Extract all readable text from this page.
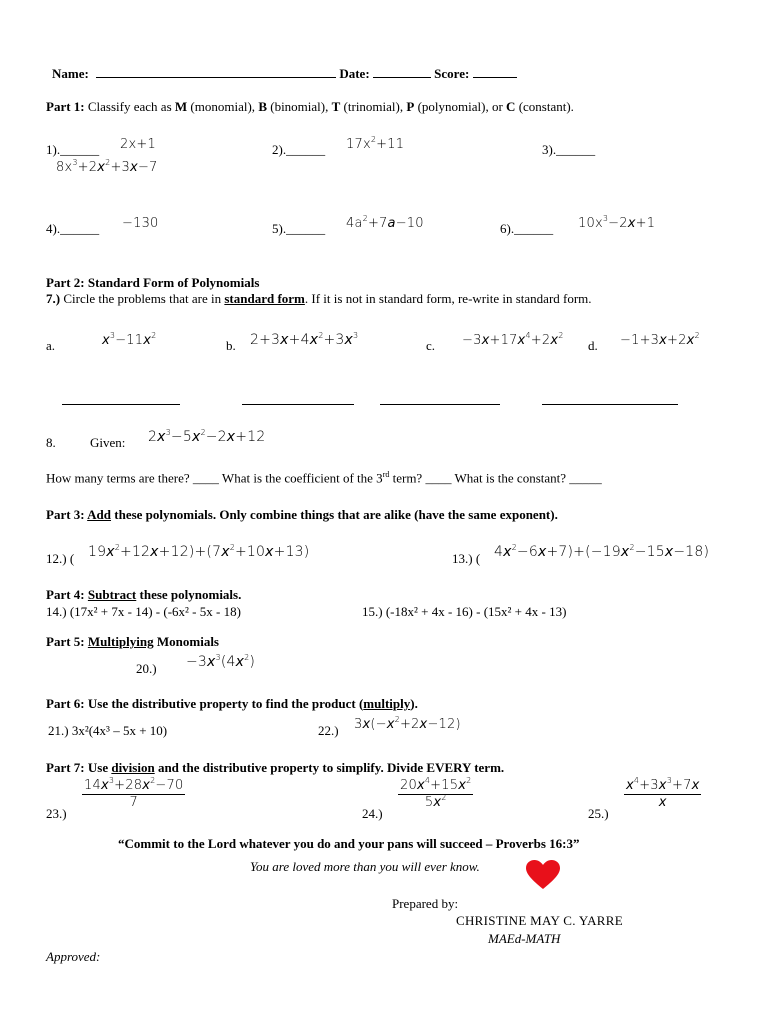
Name:	Date:	Score:
Part 1: Classify each as M (monomial), B (binomial), T (trinomial), P (polynomial), or C (constant).
1).______ 2x+1
$8x^3+2x^2+3x-7$
2).______ $17x^2+11$	3).______
4).______ −130	5).______ $4a^2+7a-10$	6).______ $10x^3-2x+1$
Part 2: Standard Form of Polynomials
7.) Circle the problems that are in standard form. If it is not in standard form, re-write in standard form.
a.	$x^3-11x^2$
b. $2+3x+4x^2+3x^3$
c. $-3x+17x^4+2x^2$
d. $-1+3x+2x^2$
8.	Given: $2x^3-5x^2-2x+12$
How many terms are there? ____ What is the coefficient of the 3rd term? ____ What is the constant? _____
Part 3: Add these polynomials. Only combine things that are alike (have the same exponent).
12.) ( $19x^2+12x+12)+(7x^2+10x+13)$	13.) ( $4x^2-6x+7)+(-19x^2-15x-18)$
Part 4: Subtract these polynomials.
14.) (17x² + 7x - 14) - (-6x² - 5x - 18)	15.) (-18x² + 4x - 16) - (15x² + 4x - 13)
Part 5: Multiplying Monomials
$20.) -3x^3(4x^2)$
Part 6: Use the distributive property to find the product (multiply).
21.) 3x²(4x³ – 5x + 10)	22.) $3x(-x^2+2x-12)$
Part 7: Use division and the distributive property to simplify. Divide EVERY term.
23.)
$\frac{14x^3+28x^2-70}{7}$
24.)
$\frac{20x^4+15x^2}{5x^2}$
25.)
$\frac{x^4+3x^3+7x}{x}$
“Commit to the Lord whatever you do and your pans will succeed – Proverbs 16:3”
You are loved more than you will ever know.
Prepared by:
CHRISTINE MAY C. YARRE
MAEd-MATH
Approved:
